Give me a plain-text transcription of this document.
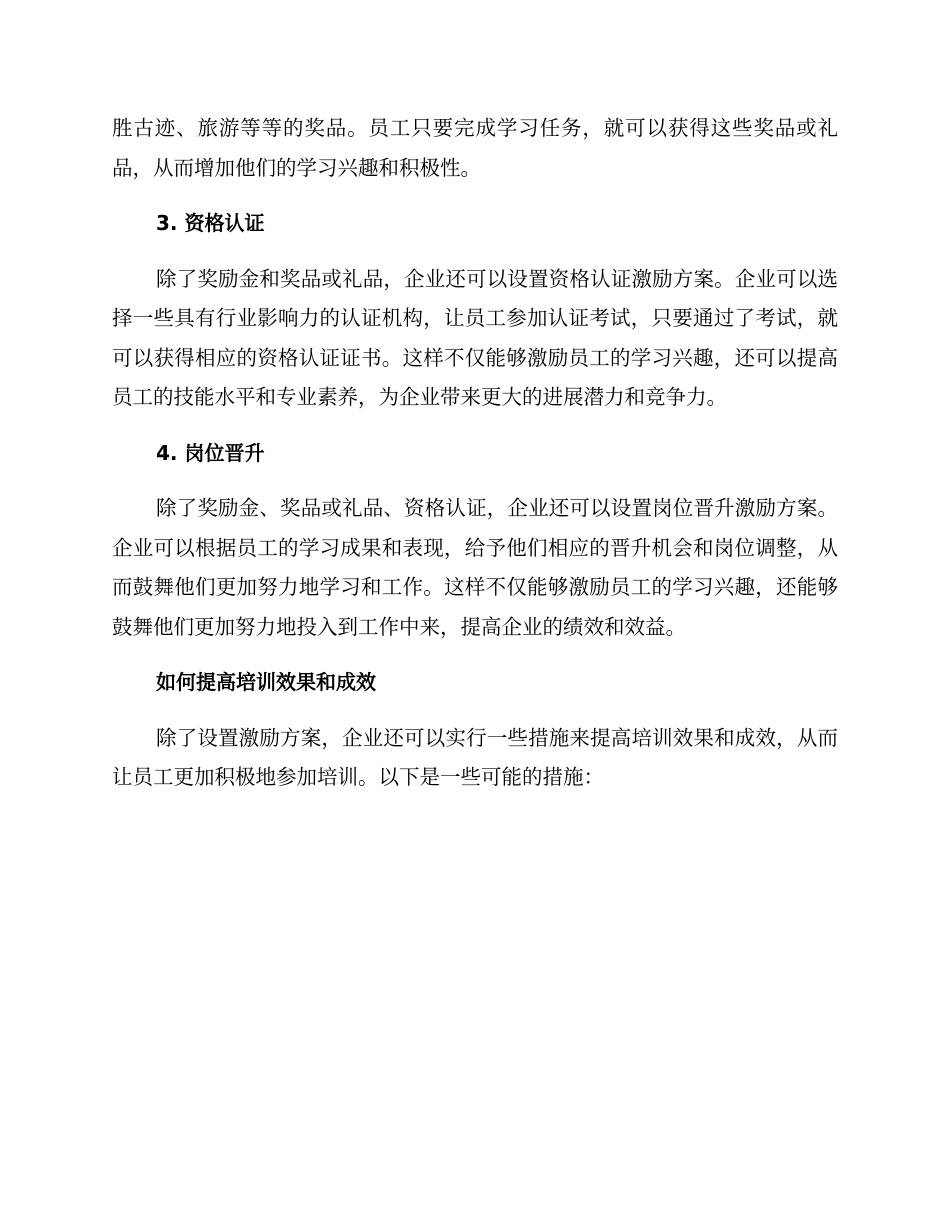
胜古迹、旅游等等的奖品。员工只要完成学习任务，就可以获得这些奖品或礼品，从而增加他们的学习兴趣和积极性。

3. 资格认证

除了奖励金和奖品或礼品，企业还可以设置资格认证激励方案。企业可以选择一些具有行业影响力的认证机构，让员工参加认证考试，只要通过了考试，就可以获得相应的资格认证证书。这样不仅能够激励员工的学习兴趣，还可以提高员工的技能水平和专业素养，为企业带来更大的进展潜力和竞争力。

4. 岗位晋升

除了奖励金、奖品或礼品、资格认证，企业还可以设置岗位晋升激励方案。企业可以根据员工的学习成果和表现，给予他们相应的晋升机会和岗位调整，从而鼓舞他们更加努力地学习和工作。这样不仅能够激励员工的学习兴趣，还能够鼓舞他们更加努力地投入到工作中来，提高企业的绩效和效益。

如何提高培训效果和成效

除了设置激励方案，企业还可以实行一些措施来提高培训效果和成效，从而让员工更加积极地参加培训。以下是一些可能的措施：
